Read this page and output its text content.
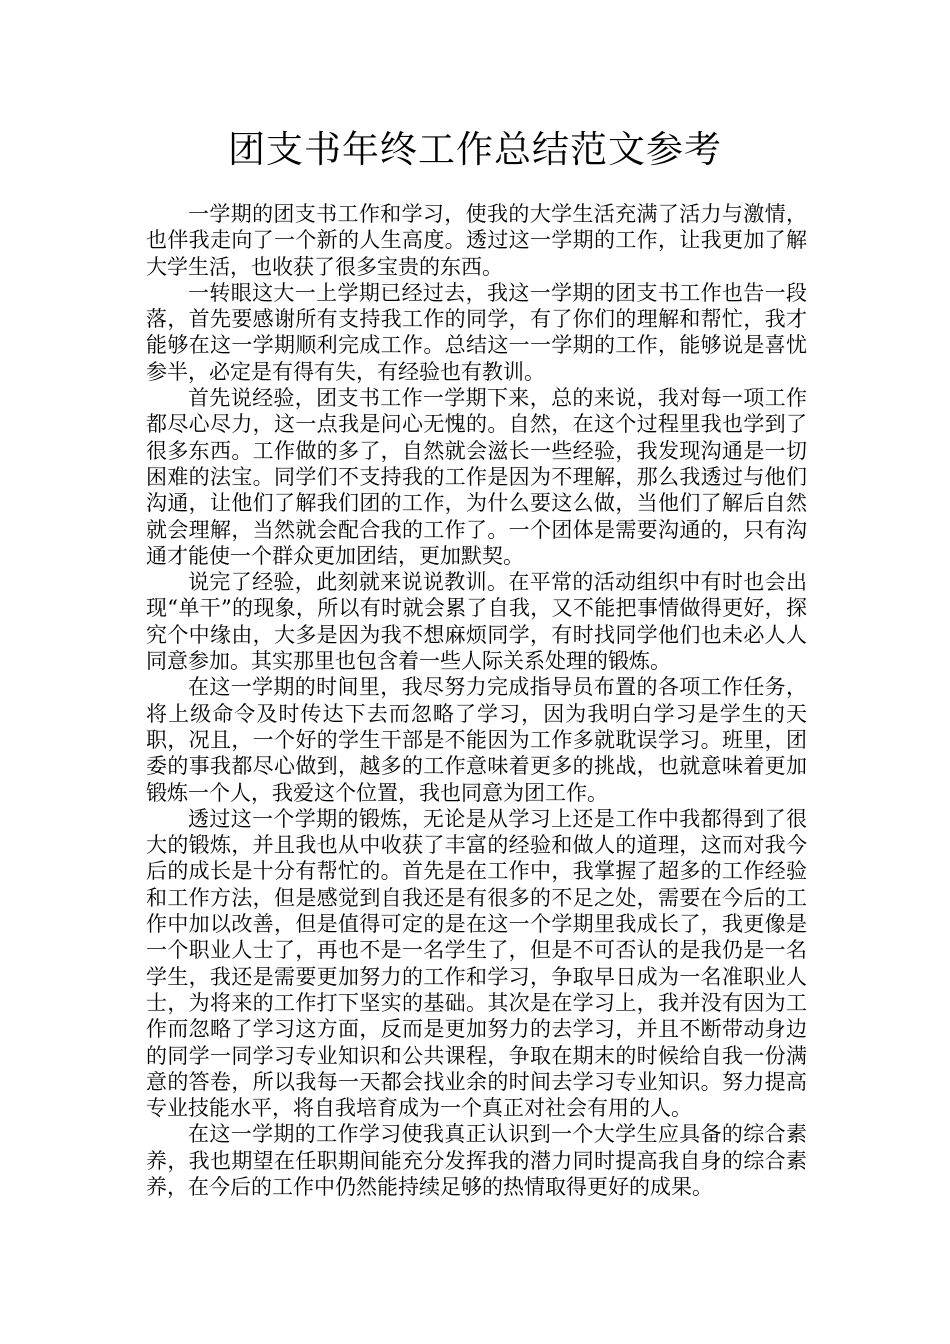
团支书年终工作总结范文参考

一学期的团支书工作和学习，使我的大学生活充满了活力与激情，也伴我走向了一个新的人生高度。透过这一学期的工作，让我更加了解大学生活，也收获了很多宝贵的东西。

一转眼这大一上学期已经过去，我这一学期的团支书工作也告一段落，首先要感谢所有支持我工作的同学，有了你们的理解和帮忙，我才能够在这一学期顺利完成工作。总结这一一学期的工作，能够说是喜忧参半，必定是有得有失，有经验也有教训。

首先说经验，团支书工作一学期下来，总的来说，我对每一项工作都尽心尽力，这一点我是问心无愧的。自然，在这个过程里我也学到了很多东西。工作做的多了，自然就会滋长一些经验，我发现沟通是一切困难的法宝。同学们不支持我的工作是因为不理解，那么我透过与他们沟通，让他们了解我们团的工作，为什么要这么做，当他们了解后自然就会理解，当然就会配合我的工作了。一个团体是需要沟通的，只有沟通才能使一个群众更加团结，更加默契。

说完了经验，此刻就来说说教训。在平常的活动组织中有时也会出现“单干”的现象，所以有时就会累了自我，又不能把事情做得更好，探究个中缘由，大多是因为我不想麻烦同学，有时找同学他们也未必人人同意参加。其实那里也包含着一些人际关系处理的锻炼。

在这一学期的时间里，我尽努力完成指导员布置的各项工作任务，将上级命令及时传达下去而忽略了学习，因为我明白学习是学生的天职，况且，一个好的学生干部是不能因为工作多就耽误学习。班里，团委的事我都尽心做到，越多的工作意味着更多的挑战，也就意味着更加锻炼一个人，我爱这个位置，我也同意为团工作。

透过这一个学期的锻炼，无论是从学习上还是工作中我都得到了很大的锻炼，并且我也从中收获了丰富的经验和做人的道理，这而对我今后的成长是十分有帮忙的。首先是在工作中，我掌握了超多的工作经验和工作方法，但是感觉到自我还是有很多的不足之处，需要在今后的工作中加以改善，但是值得可定的是在这一个学期里我成长了，我更像是一个职业人士了，再也不是一名学生了，但是不可否认的是我仍是一名学生，我还是需要更加努力的工作和学习，争取早日成为一名准职业人士，为将来的工作打下坚实的基础。其次是在学习上，我并没有因为工作而忽略了学习这方面，反而是更加努力的去学习，并且不断带动身边的同学一同学习专业知识和公共课程，争取在期末的时候给自我一份满意的答卷，所以我每一天都会找业余的时间去学习专业知识。努力提高专业技能水平，将自我培育成为一个真正对社会有用的人。

在这一学期的工作学习使我真正认识到一个大学生应具备的综合素养，我也期望在任职期间能充分发挥我的潜力同时提高我自身的综合素养，在今后的工作中仍然能持续足够的热情取得更好的成果。
